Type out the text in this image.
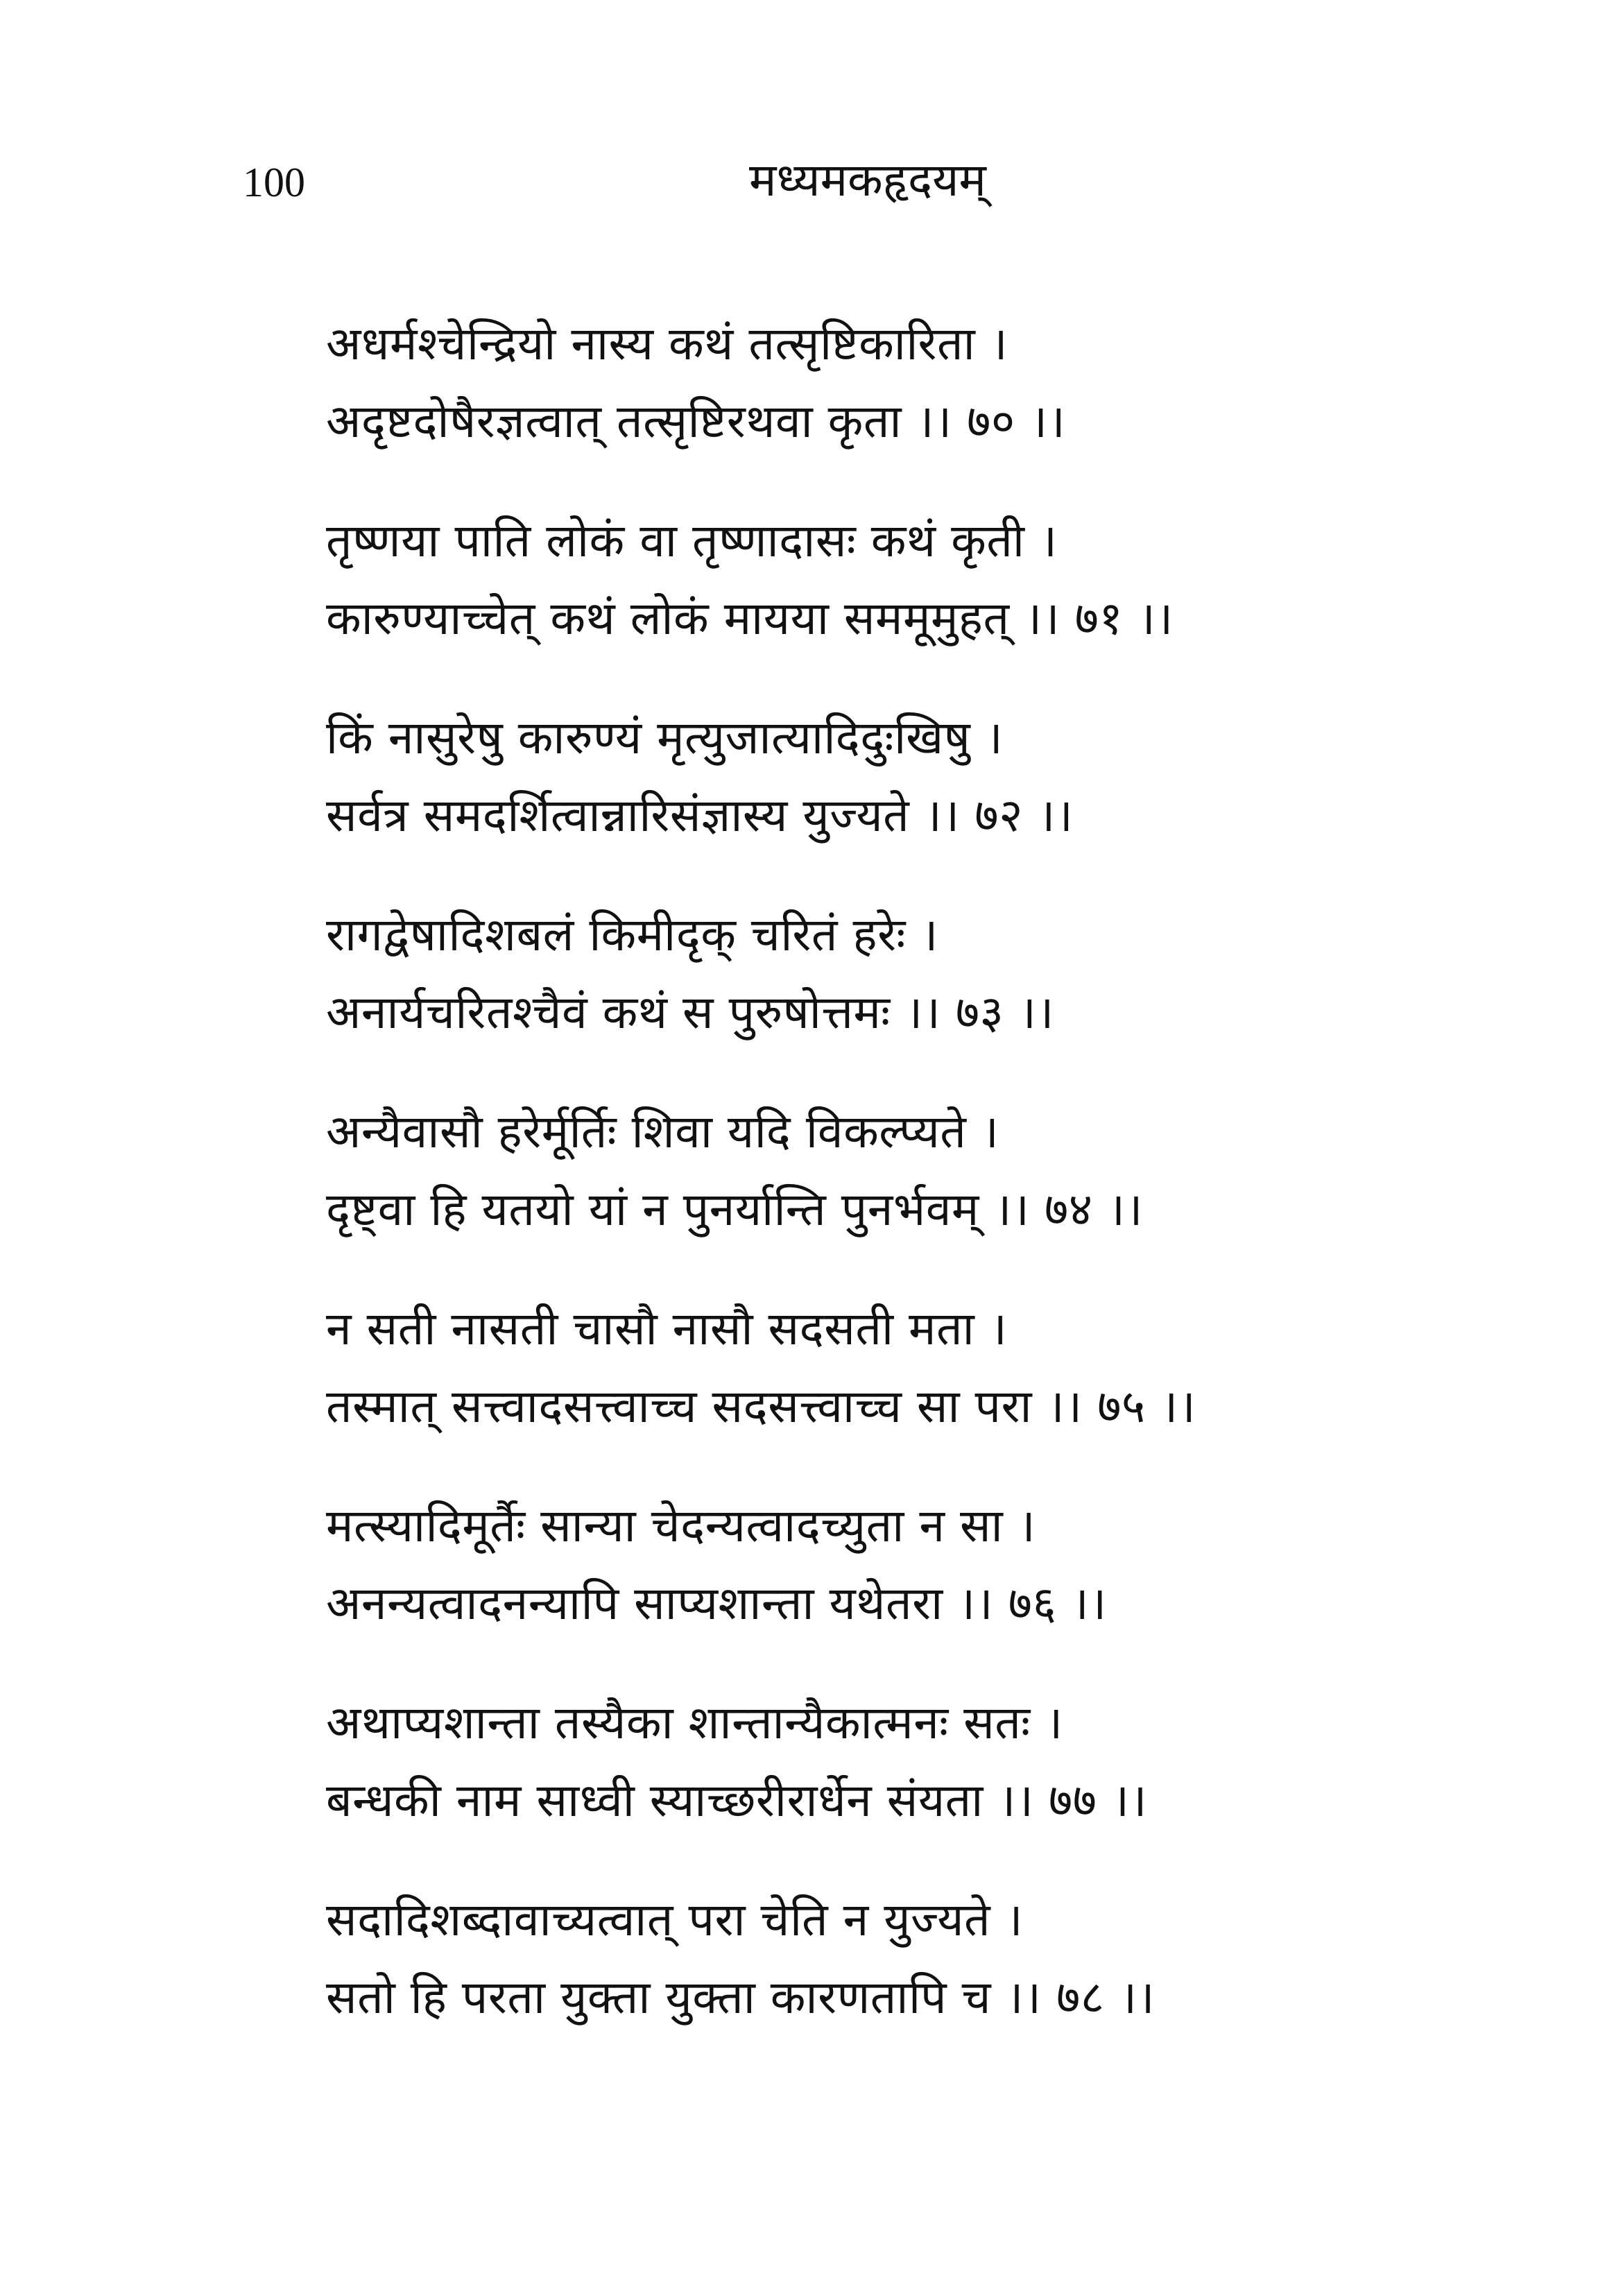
100	मध्यमकहृदयम्
अधर्मश्चेन्द्रियो नास्य कथं तत्सृष्टिकारिता ।
अदृष्टदोषैरज्ञत्वात् तत्सृष्टिरथवा कृता ।। ७० ।।
तृष्णया पाति लोकं वा तृष्णादासः कथं कृती ।
कारुण्याच्चेत् कथं लोकं मायया सममूमुहत् ।। ७१ ।।
किं नासुरेषु कारुण्यं मृत्युजात्यादिदुःखिषु ।
सर्वत्र समदर्शित्वान्नारिसंज्ञास्य युज्यते ।। ७२ ।।
रागद्वेषादिशबलं किमीदृक् चरितं हरेः ।
अनार्यचरितश्चैवं कथं स पुरुषोत्तमः ।। ७३ ।।
अन्यैवासौ हरेर्मूर्तिः शिवा यदि विकल्प्यते ।
दृष्ट्वा हि यतयो यां न पुनर्यान्ति पुनर्भवम् ।। ७४ ।।
न सती नासती चासौ नासौ सदसती मता ।
तस्मात् सत्त्वादसत्त्वाच्च सदसत्त्वाच्च सा परा ।। ७५ ।।
मत्स्यादिमूर्तैः सान्या चेदन्यत्वादच्युता न सा ।
अनन्यत्वादनन्यापि साप्यशान्ता यथेतरा ।। ७६ ।।
अथाप्यशान्ता तस्यैका शान्तान्यैकात्मनः सतः ।
बन्धकी नाम साध्वी स्याच्छरीरार्धेन संयता ।। ७७ ।।
सदादिशब्दावाच्यत्वात् परा चेति न युज्यते ।
सतो हि परता युक्ता युक्ता कारणतापि च ।। ७८ ।।
